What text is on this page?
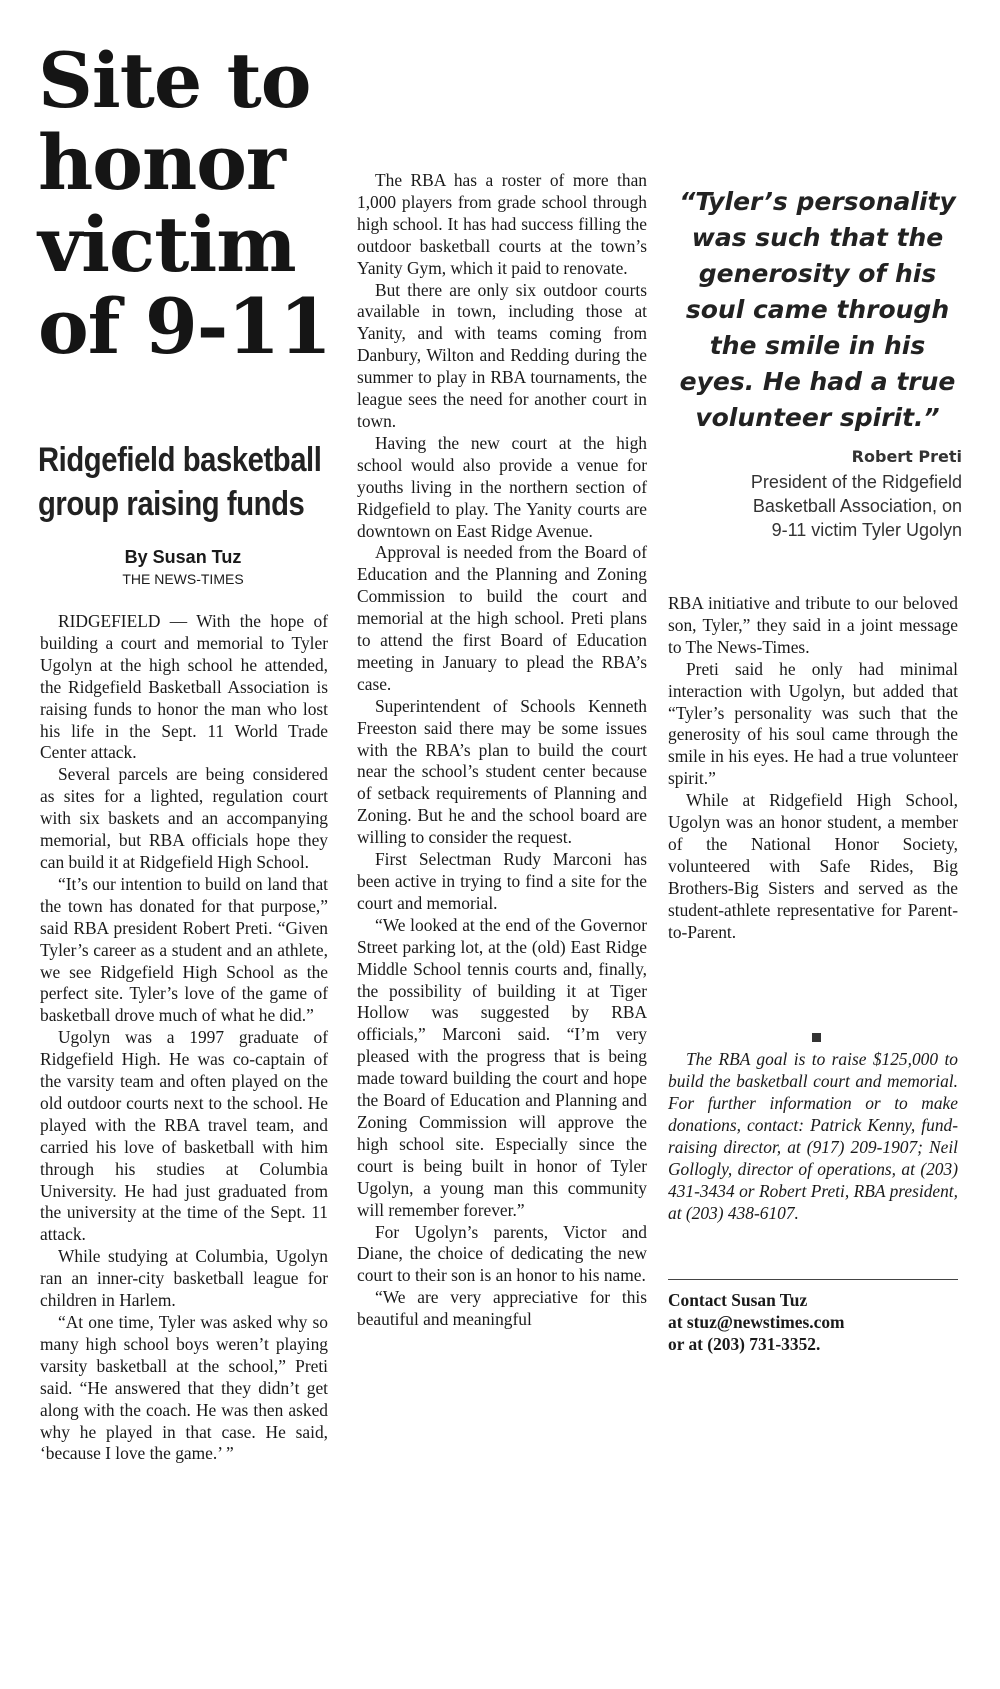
Site to
honor
victim
of 9-11
Ridgefield basketball
group raising funds
By Susan Tuz
THE NEWS-TIMES

RIDGEFIELD — With the hope of building a court and memorial to Tyler Ugolyn at the high school he attended, the Ridgefield Basketball Association is raising funds to honor the man who lost his life in the Sept. 11 World Trade Center attack.

Several parcels are being considered as sites for a lighted, regulation court with six baskets and an accompanying memorial, but RBA officials hope they can build it at Ridgefield High School.

“It’s our intention to build on land that the town has donated for that purpose,” said RBA president Robert Preti. “Given Tyler’s career as a student and an athlete, we see Ridgefield High School as the perfect site. Tyler’s love of the game of basketball drove much of what he did.”

Ugolyn was a 1997 graduate of Ridgefield High. He was co-captain of the varsity team and often played on the old outdoor courts next to the school. He played with the RBA travel team, and carried his love of basketball with him through his studies at Columbia University. He had just graduated from the university at the time of the Sept. 11 attack.

While studying at Columbia, Ugolyn ran an inner-city basketball league for children in Harlem.

“At one time, Tyler was asked why so many high school boys weren’t playing varsity basketball at the school,” Preti said. “He answered that they didn’t get along with the coach. He was then asked why he played in that case. He said, ‘because I love the game.’ ”

The RBA has a roster of more than 1,000 players from grade school through high school. It has had success filling the outdoor basketball courts at the town’s Yanity Gym, which it paid to renovate.

But there are only six outdoor courts available in town, including those at Yanity, and with teams coming from Danbury, Wilton and Redding during the summer to play in RBA tournaments, the league sees the need for another court in town.

Having the new court at the high school would also provide a venue for youths living in the northern section of Ridgefield to play. The Yanity courts are downtown on East Ridge Avenue.

Approval is needed from the Board of Education and the Planning and Zoning Commission to build the court and memorial at the high school. Preti plans to attend the first Board of Education meeting in January to plead the RBA’s case.

Superintendent of Schools Kenneth Freeston said there may be some issues with the RBA’s plan to build the court near the school’s student center because of setback requirements of Planning and Zoning. But he and the school board are willing to consider the request.

First Selectman Rudy Marconi has been active in trying to find a site for the court and memorial.

“We looked at the end of the Governor Street parking lot, at the (old) East Ridge Middle School tennis courts and, finally, the possibility of building it at Tiger Hollow was suggested by RBA officials,” Marconi said. “I’m very pleased with the progress that is being made toward building the court and hope the Board of Education and Planning and Zoning Commission will approve the high school site. Especially since the court is being built in honor of Tyler Ugolyn, a young man this community will remember forever.”

For Ugolyn’s parents, Victor and Diane, the choice of dedicating the new court to their son is an honor to his name.

“We are very appreciative for this beautiful and meaningful

“Tyler’s personality was such that the generosity of his soul came through the smile in his eyes. He had a true volunteer spirit.”
Robert Preti
President of the Ridgefield
Basketball Association, on
9-11 victim Tyler Ugolyn

RBA initiative and tribute to our beloved son, Tyler,” they said in a joint message to The News-Times.

Preti said he only had minimal interaction with Ugolyn, but added that “Tyler’s personality was such that the generosity of his soul came through the smile in his eyes. He had a true volunteer spirit.”

While at Ridgefield High School, Ugolyn was an honor student, a member of the National Honor Society, volunteered with Safe Rides, Big Brothers-Big Sisters and served as the student-athlete representative for Parent-to-Parent.

The RBA goal is to raise $125,000 to build the basketball court and memorial. For further information or to make donations, contact: Patrick Kenny, fund-raising director, at (917) 209-1907; Neil Gollogly, director of operations, at (203) 431-3434 or Robert Preti, RBA president, at (203) 438-6107.

Contact Susan Tuz
at stuz@newstimes.com
or at (203) 731-3352.
